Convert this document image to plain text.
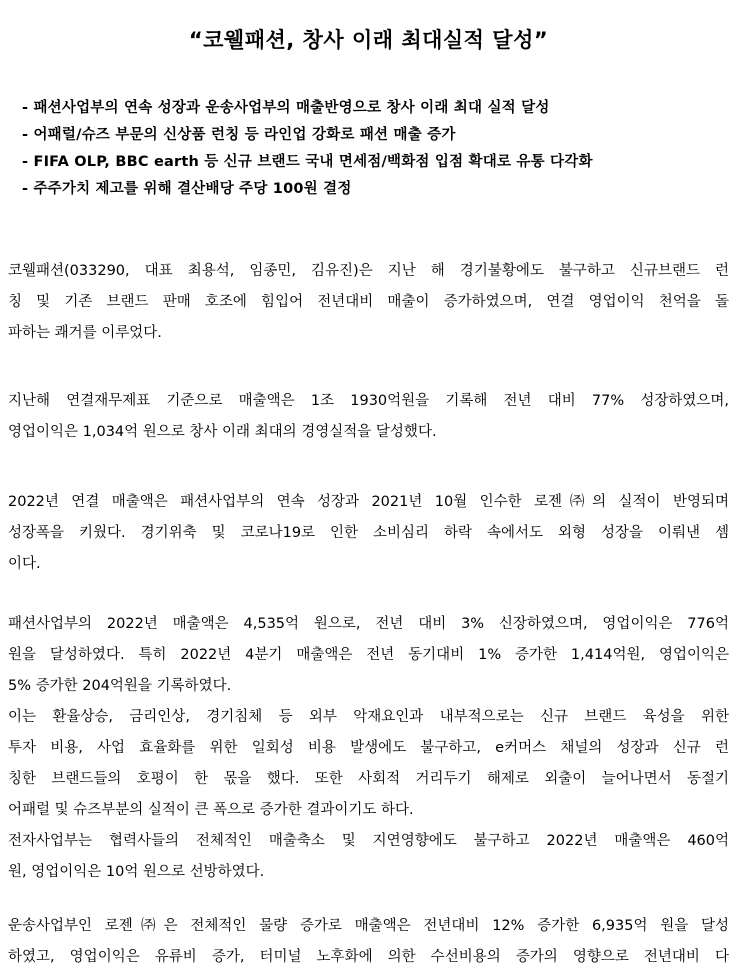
“코웰패션, 창사 이래 최대실적 달성”
- 패션사업부의 연속 성장과 운송사업부의 매출반영으로 창사 이래 최대 실적 달성
- 어패럴/슈즈 부문의 신상품 런칭 등 라인업 강화로 패션 매출 증가
- FIFA OLP, BBC earth 등 신규 브랜드 국내 면세점/백화점 입점 확대로 유통 다각화
- 주주가치 제고를 위해 결산배당 주당 100원 결정

코웰패션(033290, 대표 최용석, 임종민, 김유진)은 지난 해 경기불황에도 불구하고 신규브랜드 런
칭 및 기존 브랜드 판매 호조에 힘입어 전년대비 매출이 증가하였으며, 연결 영업이익 천억을 돌
파하는 쾌거를 이루었다.

지난해 연결재무제표 기준으로 매출액은 1조 1930억원을 기록해 전년 대비 77% 성장하였으며,
영업이익은 1,034억 원으로 창사 이래 최대의 경영실적을 달성했다.

2022년 연결 매출액은 패션사업부의 연속 성장과 2021년 10월 인수한 로젠㈜의 실적이 반영되며
성장폭을 키웠다. 경기위축 및 코로나19로 인한 소비심리 하락 속에서도 외형 성장을 이뤄낸 셈
이다.

패션사업부의 2022년 매출액은 4,535억 원으로, 전년 대비 3% 신장하였으며, 영업이익은 776억
원을 달성하였다. 특히 2022년 4분기 매출액은 전년 동기대비 1% 증가한 1,414억원, 영업이익은
5% 증가한 204억원을 기록하였다.
이는 환율상승, 금리인상, 경기침체 등 외부 악재요인과 내부적으로는 신규 브랜드 육성을 위한
투자 비용, 사업 효율화를 위한 일회성 비용 발생에도 불구하고, e커머스 채널의 성장과 신규 런
칭한 브랜드들의 호평이 한 몫을 했다. 또한 사회적 거리두기 해제로 외출이 늘어나면서 동절기
어패럴 및 슈즈부분의 실적이 큰 폭으로 증가한 결과이기도 하다.

전자사업부는 협력사들의 전체적인 매출축소 및 지연영향에도 불구하고 2022년 매출액은 460억
원, 영업이익은 10억 원으로 선방하였다.

운송사업부인 로젠㈜은 전체적인 물량 증가로 매출액은 전년대비 12% 증가한 6,935억 원을 달성
하였고, 영업이익은 유류비 증가, 터미널 노후화에 의한 수선비용의 증가의 영향으로 전년대비 다
